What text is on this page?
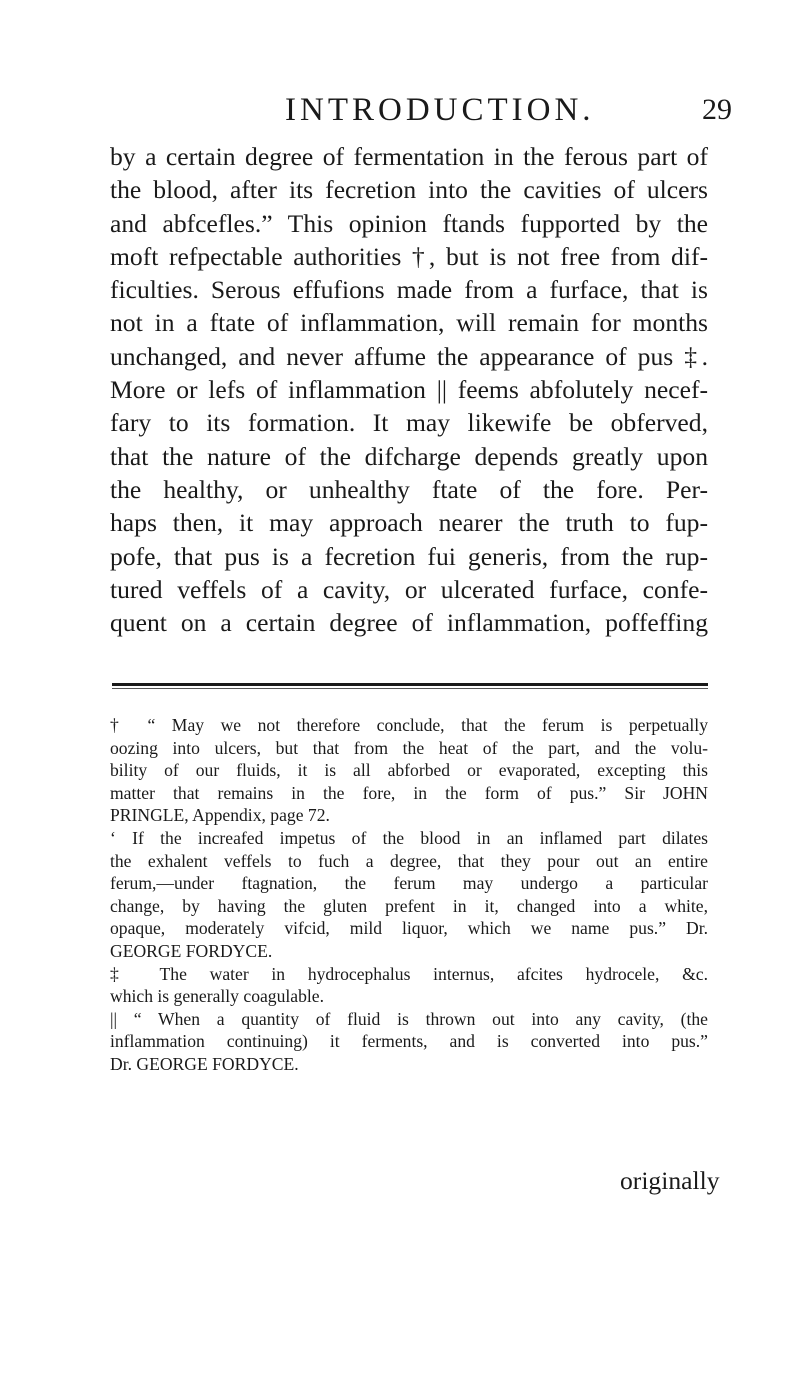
INTRODUCTION.	29
by a certain degree of fermentation in the ferous part of
the blood, after its fecretion into the cavities of ulcers
and abfcefles.” This opinion ftands fupported by the
moft refpectable authorities †, but is not free from dif-
ficulties. Serous effufions made from a furface, that is
not in a ftate of inflammation, will remain for months
unchanged, and never affume the appearance of pus ‡.
More or lefs of inflammation || feems abfolutely necef-
fary to its formation. It may likewife be obferved,
that the nature of the difcharge depends greatly upon
the healthy, or unhealthy ftate of the fore. Per-
haps then, it may approach nearer the truth to fup-
pofe, that pus is a fecretion fui generis, from the rup-
tured veffels of a cavity, or ulcerated furface, confe-
quent on a certain degree of inflammation, poffeffing
† “ May we not therefore conclude, that the ferum is perpetually
oozing into ulcers, but that from the heat of the part, and the volu-
bility of our fluids, it is all abforbed or evaporated, excepting this
matter that remains in the fore, in the form of pus.” Sir JOHN
PRINGLE, Appendix, page 72.
‘ If the increafed impetus of the blood in an inflamed part dilates
the exhalent veffels to fuch a degree, that they pour out an entire
ferum,—under ftagnation, the ferum may undergo a particular
change, by having the gluten prefent in it, changed into a white,
opaque, moderately vifcid, mild liquor, which we name pus.” Dr.
GEORGE FORDYCE.
‡ The water in hydrocephalus internus, afcites hydrocele, &c.
which is generally coagulable.
|| “ When a quantity of fluid is thrown out into any cavity, (the
inflammation continuing) it ferments, and is converted into pus.”
Dr. GEORGE FORDYCE.
originally
